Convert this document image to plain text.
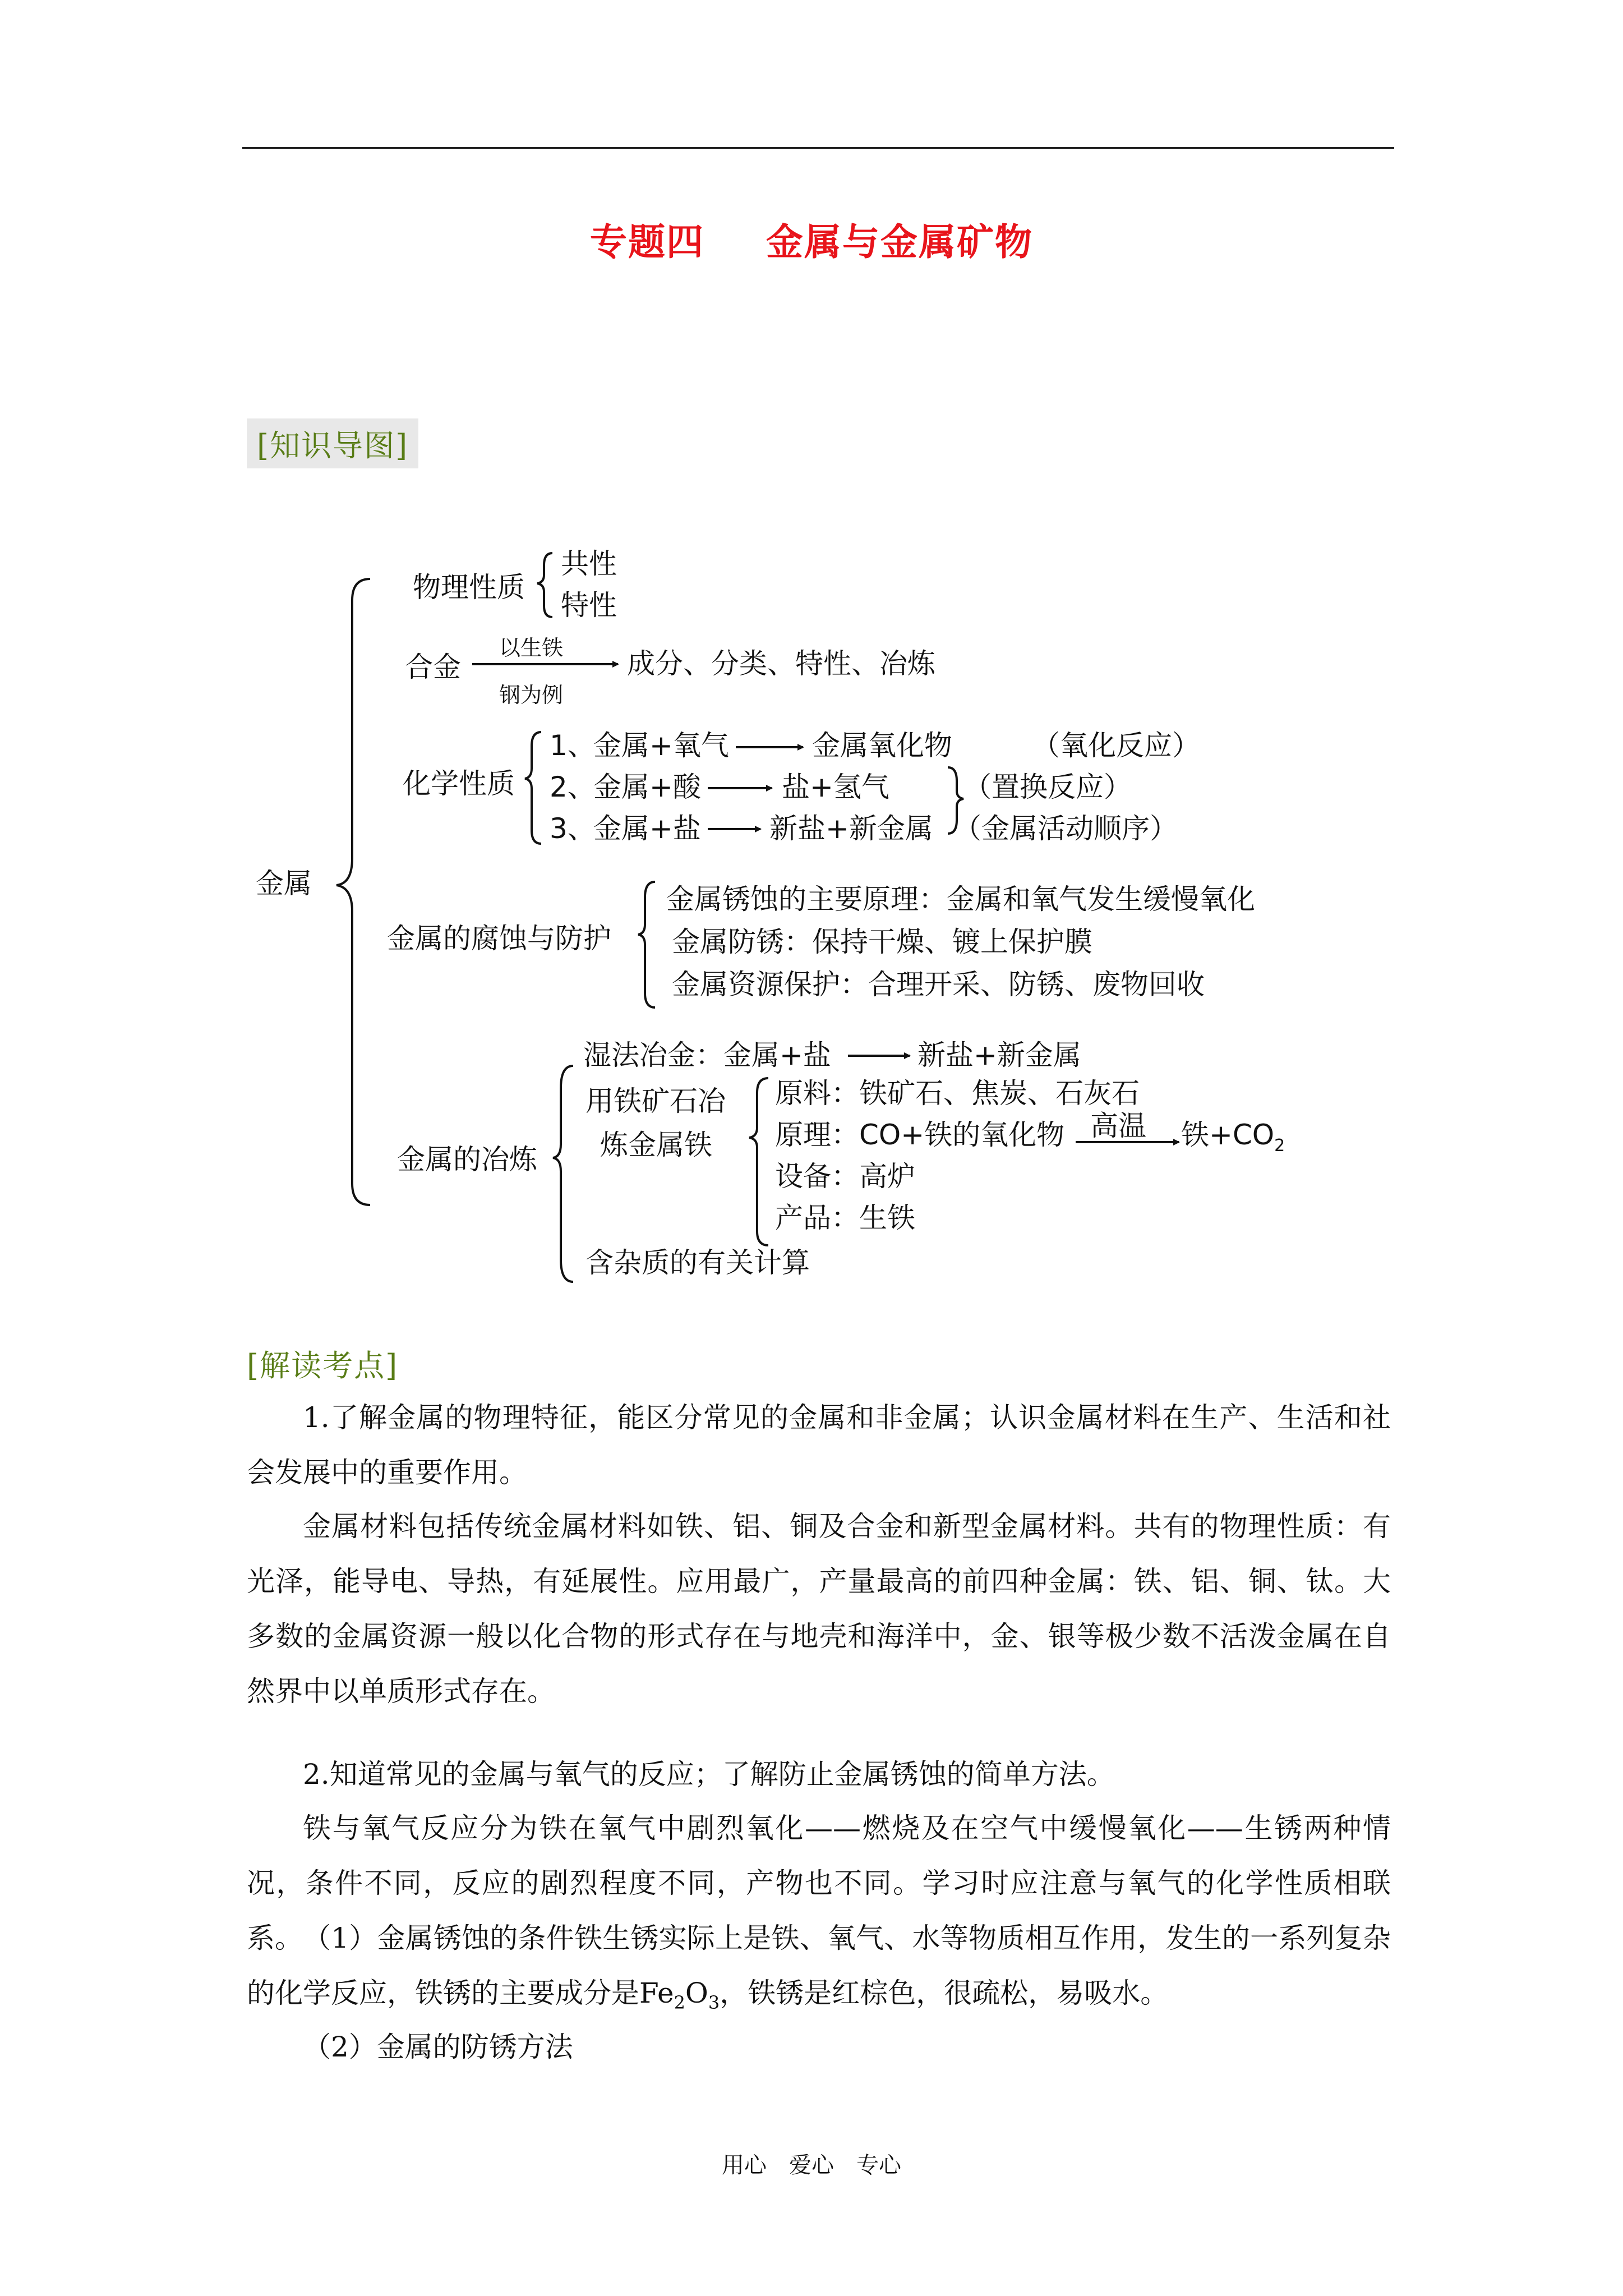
专题四 金属与金属矿物
[知识导图]
金属
物理性质
共性
特性
合金
以生铁
钢为例
成分、分类、特性、冶炼
化学性质
1、
金属+氧气	金属氧化物	（氧化反应）
2、
金属+酸	盐+氢气
3、
金属+盐 新盐+新金属
（置换反应）
（金属活动顺序）
金属的腐蚀与防护
金属锈蚀的主要原理：金属和氧气发生缓慢氧化
金属防锈：保持干燥、镀上保护膜
金属资源保护：合理开采、防锈、废物回收
金属的冶炼
湿法冶金：金属+盐	新盐+新金属
用铁矿石冶
炼金属铁
原料：铁矿石、焦炭、石灰石
原理：CO+铁的氧化物 高温 铁$+CO_2$
设备：高炉
产品：生铁
含杂质的有关计算
[解读考点]
1.了解金属的物理特征，能区分常见的金属和非金属；认识金属材料在生产、生活和社会发展中的重要作用。
金属材料包括传统金属材料如铁、铝、铜及合金和新型金属材料。共有的物理性质：有光泽，能导电、导热，有延展性。应用最广，产量最高的前四种金属：铁、铝、铜、钛。大多数的金属资源一般以化合物的形式存在与地壳和海洋中，金、银等极少数不活泼金属在自然界中以单质形式存在。
2.知道常见的金属与氧气的反应；了解防止金属锈蚀的简单方法。
铁与氧气反应分为铁在氧气中剧烈氧化——燃烧及在空气中缓慢氧化——生锈两种情况，条件不同，反应的剧烈程度不同，产物也不同。学习时应注意与氧气的化学性质相联系。 （1）金属锈蚀的条件铁生锈实际上是铁、氧气、水等物质相互作用，发生的一系列复杂的化学反应，铁锈的主要成分是$Fe_2O_3$，铁锈是红棕色，很疏松，易吸水。
（2）金属的防锈方法
用心　爱心　专心
